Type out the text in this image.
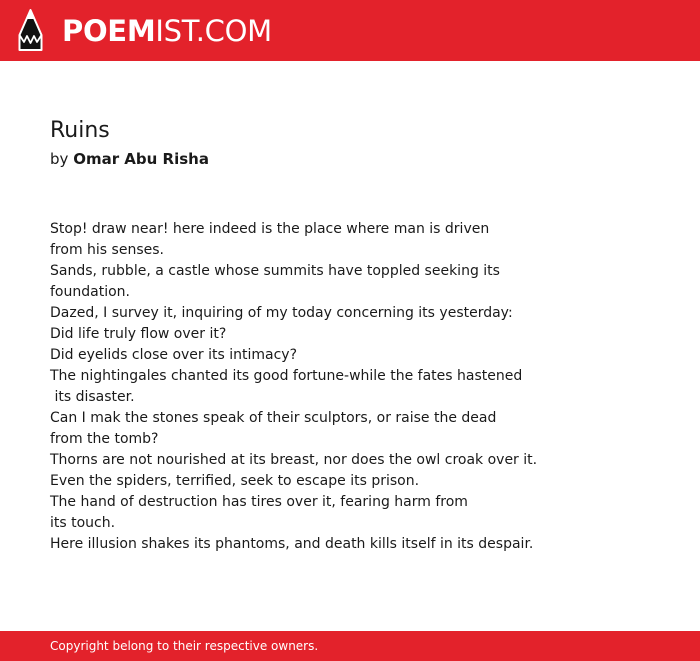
POEMIST.COM
Ruins
by Omar Abu Risha
Stop! draw near! here indeed is the place where man is driven
from his senses.
Sands, rubble, a castle whose summits have toppled seeking its
foundation.
Dazed, I survey it, inquiring of my today concerning its yesterday:
Did life truly flow over it?
Did eyelids close over its intimacy?
The nightingales chanted its good fortune-while the fates hastened
its disaster.
Can I mak the stones speak of their sculptors, or raise the dead
from the tomb?
Thorns are not nourished at its breast, nor does the owl croak over it.
Even the spiders, terrified, seek to escape its prison.
The hand of destruction has tires over it, fearing harm from
its touch.
Here illusion shakes its phantoms, and death kills itself in its despair.
Copyright belong to their respective owners.
